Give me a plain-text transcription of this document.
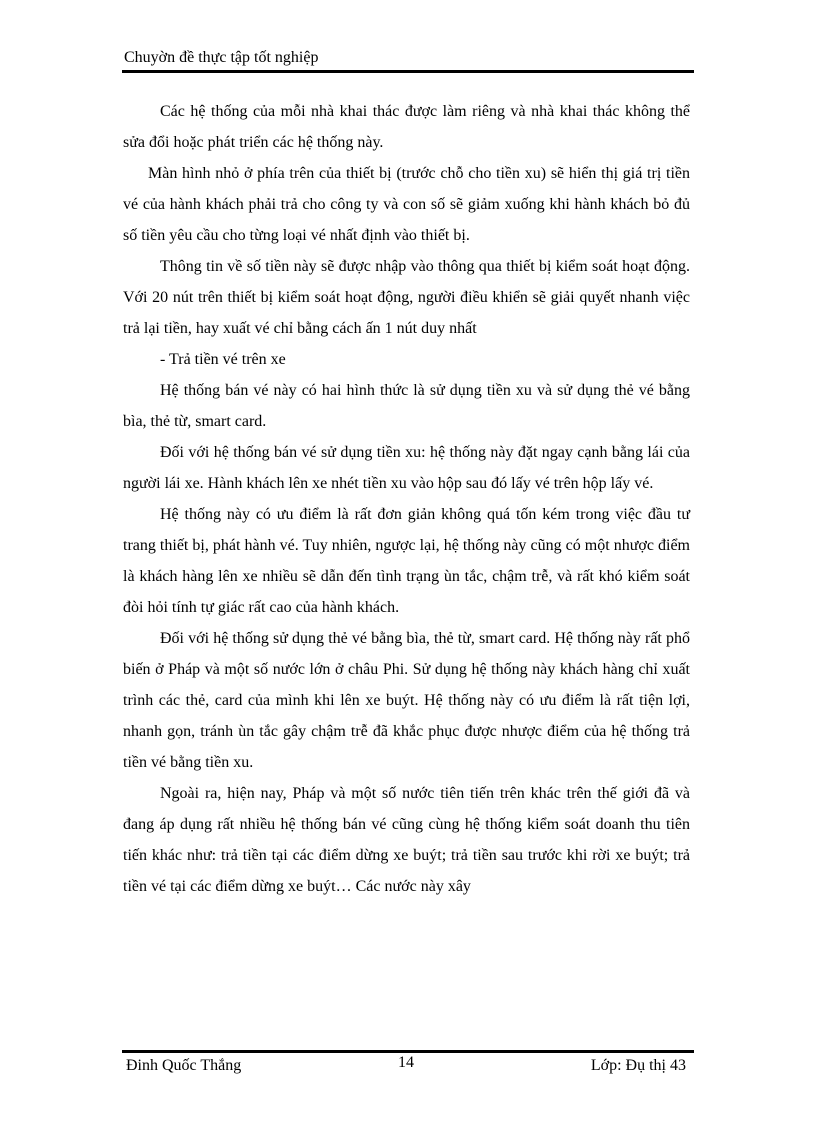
Chuyờn đề thực tập tốt nghiệp

Các hệ thống của mỗi nhà khai thác được làm riêng và nhà khai thác không thể sửa đổi hoặc phát triển các hệ thống này.

Màn hình nhỏ ở phía trên của thiết bị (trước chỗ cho tiền xu) sẽ hiển thị giá trị tiền vé của hành khách phải trả cho công ty và con số sẽ giảm xuống khi hành khách bỏ đủ số tiền yêu cầu cho từng loại vé nhất định vào thiết bị.

Thông tin về số tiền này sẽ được nhập vào thông qua thiết bị kiểm soát hoạt động. Với 20 nút trên thiết bị kiểm soát hoạt động, người điều khiển sẽ giải quyết nhanh việc trả lại tiền, hay xuất vé chỉ bằng cách ấn 1 nút duy nhất

- Trả tiền vé trên xe

Hệ thống bán vé này có hai hình thức là sử dụng tiền xu và sử dụng thẻ vé bằng bìa, thẻ từ, smart card.

Đối với hệ thống bán vé sử dụng tiền xu: hệ thống này đặt ngay cạnh bằng lái của người lái xe. Hành khách lên xe nhét tiền xu vào hộp sau đó lấy vé trên hộp lấy vé.

Hệ thống này có ưu điểm là rất đơn giản không quá tốn kém trong việc đầu tư trang thiết bị, phát hành vé. Tuy nhiên, ngược lại, hệ thống này cũng có một nhược điểm là khách hàng lên xe nhiều sẽ dẫn đến tình trạng ùn tắc, chậm trễ, và rất khó kiểm soát đòi hỏi tính tự giác rất cao của hành khách.

Đối với hệ thống sử dụng thẻ vé bằng bìa, thẻ từ, smart card. Hệ thống này rất phổ biến ở Pháp và một số nước lớn ở châu Phi. Sử dụng hệ thống này khách hàng chỉ xuất trình các thẻ, card của mình khi lên xe buýt. Hệ thống này có ưu điểm là rất tiện lợi, nhanh gọn, tránh ùn tắc gây chậm trễ đã khắc phục được nhược điểm của hệ thống trả tiền vé bằng tiền xu.

Ngoài ra, hiện nay, Pháp và một số nước tiên tiến trên khác trên thế giới đã và đang áp dụng rất nhiều hệ thống bán vé cũng cùng hệ thống kiểm soát doanh thu tiên tiến khác như: trả tiền tại các điểm dừng xe buýt; trả tiền sau trước khi rời xe buýt; trả tiền vé tại các điểm dừng xe buýt… Các nước này xây

Đinh Quốc Thắng	14	Lớp: Đụ thị 43
